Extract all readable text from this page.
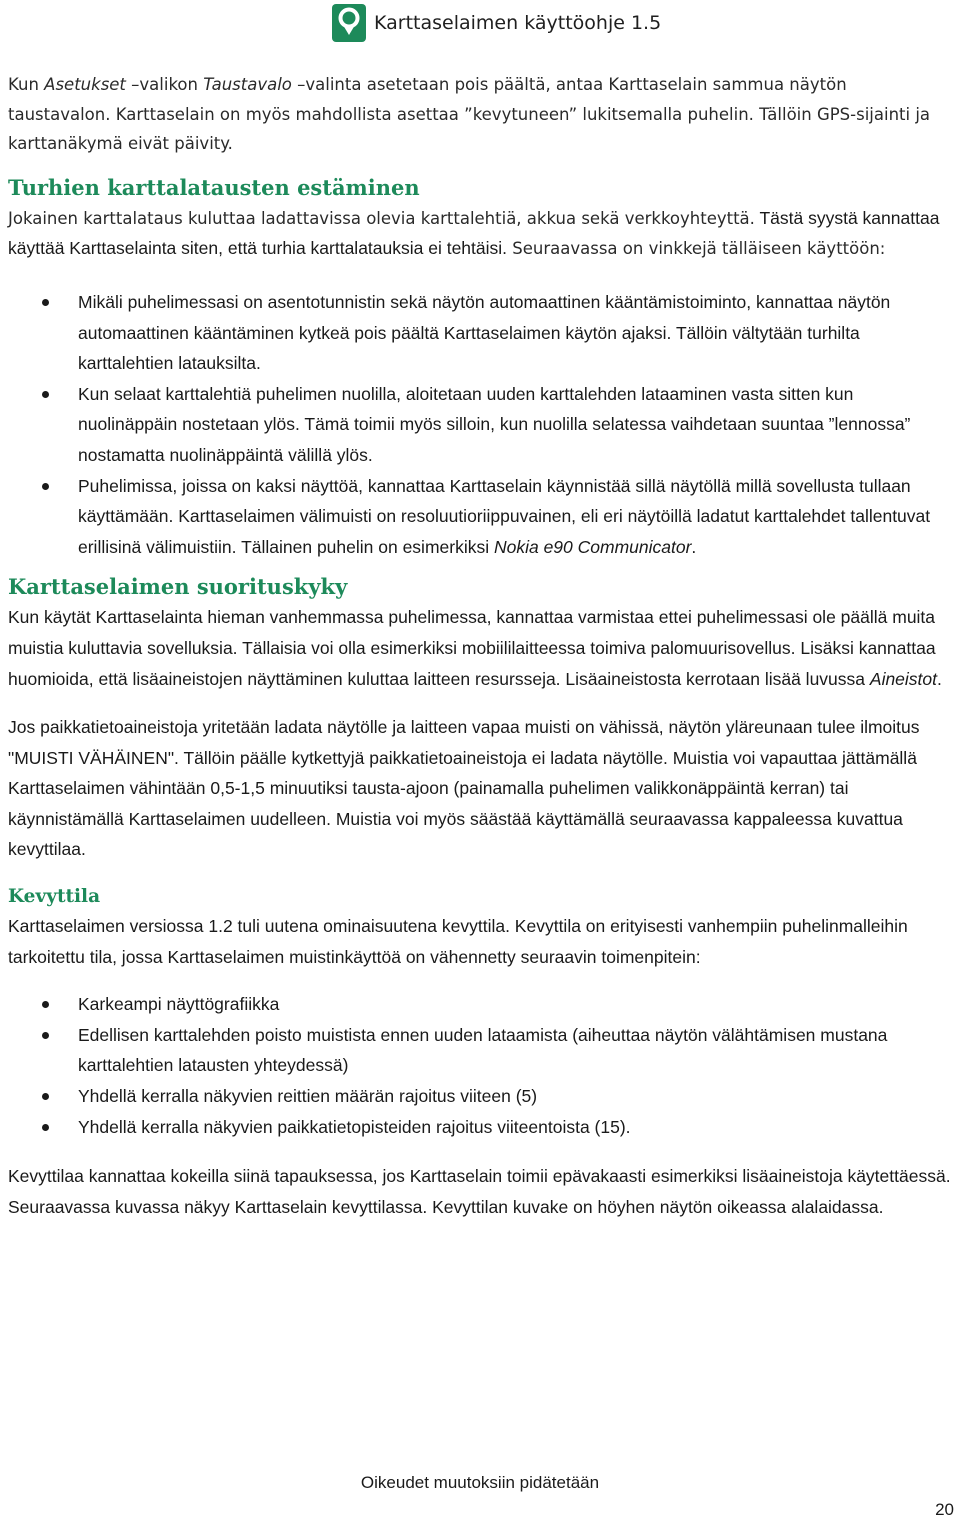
Karttaselaimen käyttöohje 1.5

Kun Asetukset –valikon Taustavalo –valinta asetetaan pois päältä, antaa Karttaselain sammua näytön taustavalon. Karttaselain on myös mahdollista asettaa ”kevytuneen” lukitsemalla puhelin. Tällöin GPS-sijainti ja karttanäkymä eivät päivity.

Turhien karttalatausten estäminen

Jokainen karttalataus kuluttaa ladattavissa olevia karttalehtiä, akkua sekä verkkoyhteyttä. Tästä syystä kannattaa käyttää Karttaselainta siten, että turhia karttalatauksia ei tehtäisi. Seuraavassa on vinkkejä tälläiseen käyttöön:

Mikäli puhelimessasi on asentotunnistin sekä näytön automaattinen kääntämistoiminto, kannattaa näytön automaattinen kääntäminen kytkeä pois päältä Karttaselaimen käytön ajaksi. Tällöin vältytään turhilta karttalehtien latauksilta.
Kun selaat karttalehtiä puhelimen nuolilla, aloitetaan uuden karttalehden lataaminen vasta sitten kun nuolinäppäin nostetaan ylös. Tämä toimii myös silloin, kun nuolilla selatessa vaihdetaan suuntaa ”lennossa” nostamatta nuolinäppäintä välillä ylös.
Puhelimissa, joissa on kaksi näyttöä, kannattaa Karttaselain käynnistää sillä näytöllä millä sovellusta tullaan käyttämään. Karttaselaimen välimuisti on resoluutioriippuvainen, eli eri näytöillä ladatut karttalehdet tallentuvat erillisinä välimuistiin. Tällainen puhelin on esimerkiksi Nokia e90 Communicator.
Karttaselaimen suorituskyky

Kun käytät Karttaselainta hieman vanhemmassa puhelimessa, kannattaa varmistaa ettei puhelimessasi ole päällä muita muistia kuluttavia sovelluksia. Tällaisia voi olla esimerkiksi mobiililaitteessa toimiva palomuurisovellus. Lisäksi kannattaa huomioida, että lisäaineistojen näyttäminen kuluttaa laitteen resursseja. Lisäaineistosta kerrotaan lisää luvussa Aineistot.

Jos paikkatietoaineistoja yritetään ladata näytölle ja laitteen vapaa muisti on vähissä, näytön yläreunaan tulee ilmoitus "MUISTI VÄHÄINEN". Tällöin päälle kytkettyjä paikkatietoaineistoja ei ladata näytölle. Muistia voi vapauttaa jättämällä Karttaselaimen vähintään 0,5-1,5 minuutiksi tausta-ajoon (painamalla puhelimen valikkonäppäintä kerran) tai käynnistämällä Karttaselaimen uudelleen. Muistia voi myös säästää käyttämällä seuraavassa kappaleessa kuvattua kevyttilaa.

Kevyttila

Karttaselaimen versiossa 1.2 tuli uutena ominaisuutena kevyttila. Kevyttila on erityisesti vanhempiin puhelinmalleihin tarkoitettu tila, jossa Karttaselaimen muistinkäyttöä on vähennetty seuraavin toimenpitein:

Karkeampi näyttögrafiikka
Edellisen karttalehden poisto muistista ennen uuden lataamista (aiheuttaa näytön välähtämisen mustana karttalehtien latausten yhteydessä)
Yhdellä kerralla näkyvien reittien määrän rajoitus viiteen (5)
Yhdellä kerralla näkyvien paikkatietopisteiden rajoitus viiteentoista (15).

Kevyttilaa kannattaa kokeilla siinä tapauksessa, jos Karttaselain toimii epävakaasti esimerkiksi lisäaineistoja käytettäessä. Seuraavassa kuvassa näkyy Karttaselain kevyttilassa. Kevyttilan kuvake on höyhen näytön oikeassa alalaidassa.

Oikeudet muutoksiin pidätetään
20
